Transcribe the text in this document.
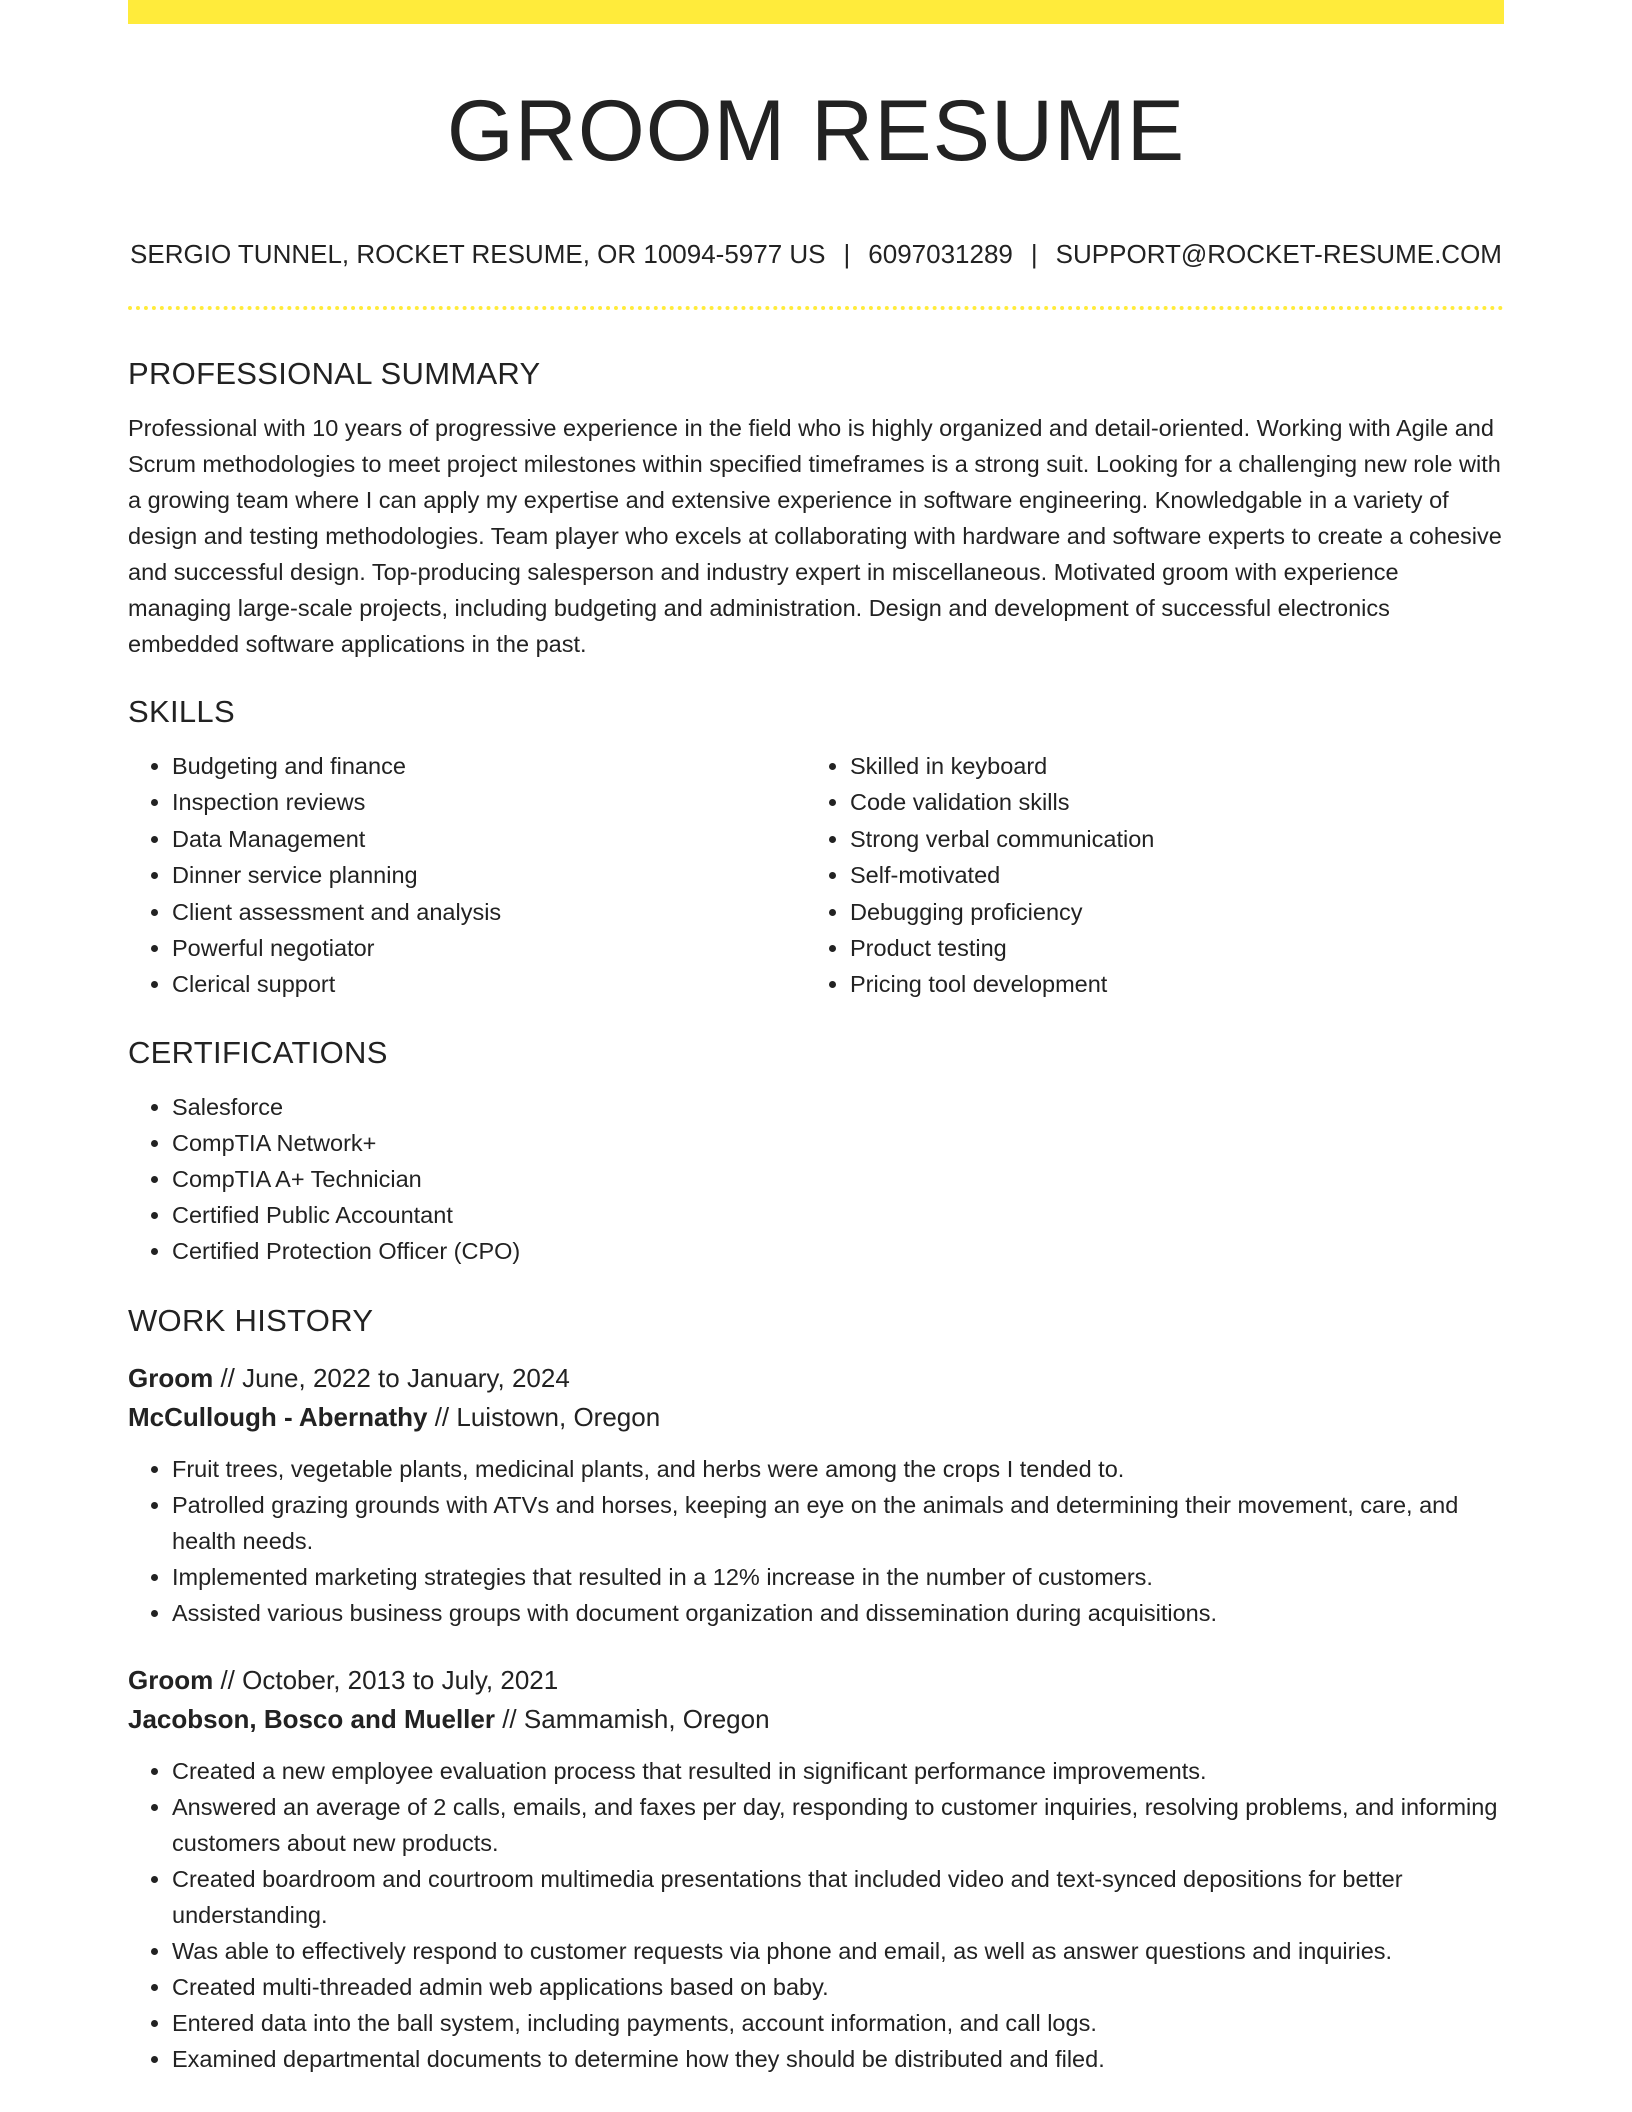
GROOM RESUME
SERGIO TUNNEL, ROCKET RESUME, OR 10094-5977 US | 6097031289 | SUPPORT@ROCKET-RESUME.COM
PROFESSIONAL SUMMARY

Professional with 10 years of progressive experience in the field who is highly organized and detail-oriented. Working with Agile and Scrum methodologies to meet project milestones within specified timeframes is a strong suit. Looking for a challenging new role with a growing team where I can apply my expertise and extensive experience in software engineering. Knowledgable in a variety of design and testing methodologies. Team player who excels at collaborating with hardware and software experts to create a cohesive and successful design. Top-producing salesperson and industry expert in miscellaneous. Motivated groom with experience managing large-scale projects, including budgeting and administration. Design and development of successful electronics embedded software applications in the past.

SKILLS
• Budgeting and finance
• Inspection reviews
• Data Management
• Dinner service planning
• Client assessment and analysis
• Powerful negotiator
• Clerical support
• Skilled in keyboard
• Code validation skills
• Strong verbal communication
• Self-motivated
• Debugging proficiency
• Product testing
• Pricing tool development
CERTIFICATIONS
• Salesforce
• CompTIA Network+
• CompTIA A+ Technician
• Certified Public Accountant
• Certified Protection Officer (CPO)
WORK HISTORY
Groom // June, 2022 to January, 2024
McCullough - Abernathy // Luistown, Oregon
• Fruit trees, vegetable plants, medicinal plants, and herbs were among the crops I tended to.
• Patrolled grazing grounds with ATVs and horses, keeping an eye on the animals and determining their movement, care, and health needs.
• Implemented marketing strategies that resulted in a 12% increase in the number of customers.
• Assisted various business groups with document organization and dissemination during acquisitions.
Groom // October, 2013 to July, 2021
Jacobson, Bosco and Mueller // Sammamish, Oregon
• Created a new employee evaluation process that resulted in significant performance improvements.
• Answered an average of 2 calls, emails, and faxes per day, responding to customer inquiries, resolving problems, and informing customers about new products.
• Created boardroom and courtroom multimedia presentations that included video and text-synced depositions for better understanding.
• Was able to effectively respond to customer requests via phone and email, as well as answer questions and inquiries.
• Created multi-threaded admin web applications based on baby.
• Entered data into the ball system, including payments, account information, and call logs.
• Examined departmental documents to determine how they should be distributed and filed.
